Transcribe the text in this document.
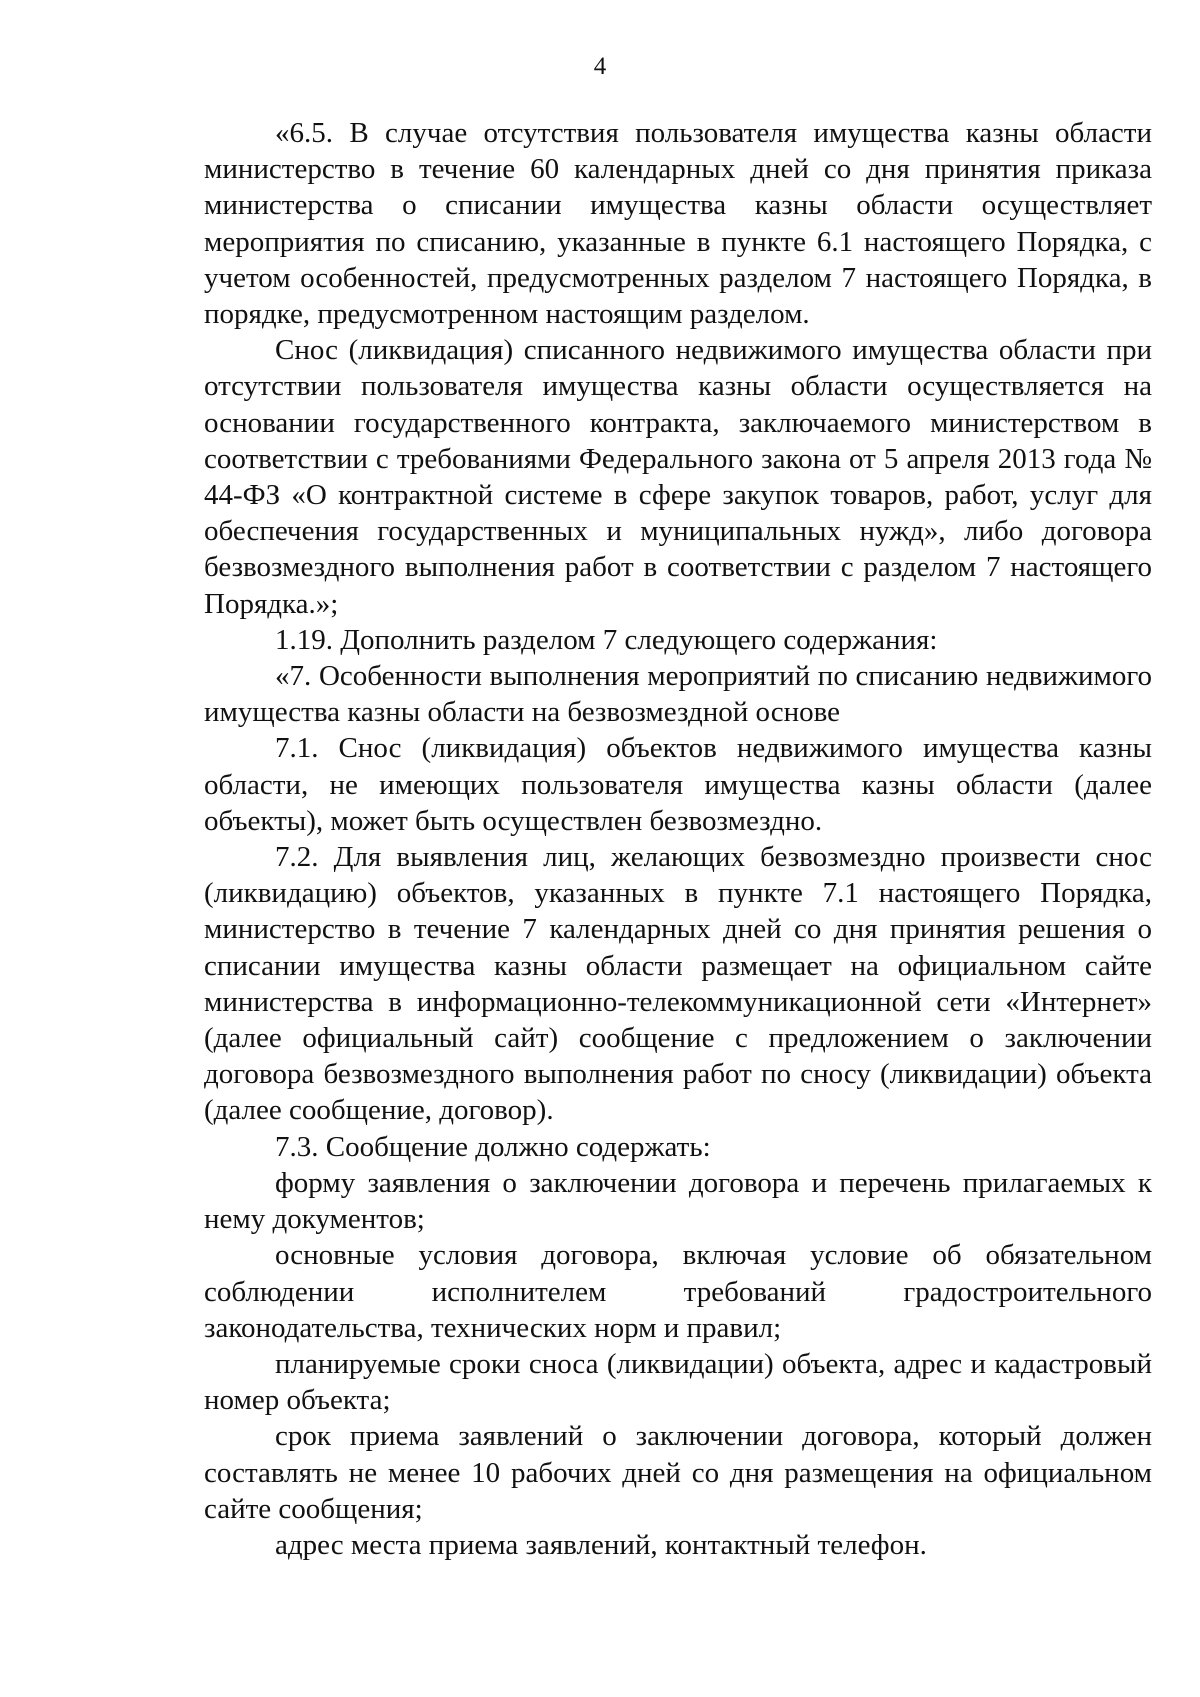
4

«6.5. В случае отсутствия пользователя имущества казны области министерство в течение 60 календарных дней со дня принятия приказа министерства о списании имущества казны области осуществляет мероприятия по списанию, указанные в пункте 6.1 настоящего Порядка, с учетом особенностей, предусмотренных разделом 7 настоящего Порядка, в порядке, предусмотренном настоящим разделом.

Снос (ликвидация) списанного недвижимого имущества области при отсутствии пользователя имущества казны области осуществляется на основании государственного контракта, заключаемого министерством в соответствии с требованиями Федерального закона от 5 апреля 2013 года № 44-ФЗ «О контрактной системе в сфере закупок товаров, работ, услуг для обеспечения государственных и муниципальных нужд», либо договора безвозмездного выполнения работ в соответствии с разделом 7 настоящего Порядка.»;

1.19. Дополнить разделом 7 следующего содержания:

«7. Особенности выполнения мероприятий по списанию недвижимого имущества казны области на безвозмездной основе

7.1. Снос (ликвидация) объектов недвижимого имущества казны области, не имеющих пользователя имущества казны области (далее объекты), может быть осуществлен безвозмездно.

7.2. Для выявления лиц, желающих безвозмездно произвести снос (ликвидацию) объектов, указанных в пункте 7.1 настоящего Порядка, министерство в течение 7 календарных дней со дня принятия решения о списании имущества казны области размещает на официальном сайте министерства в информационно-телекоммуникационной сети «Интернет» (далее официальный сайт) сообщение с предложением о заключении договора безвозмездного выполнения работ по сносу (ликвидации) объекта (далее сообщение, договор).

7.3. Сообщение должно содержать:

форму заявления о заключении договора и перечень прилагаемых к нему документов;

основные условия договора, включая условие об обязательном соблюдении исполнителем требований градостроительного законодательства, технических норм и правил;

планируемые сроки сноса (ликвидации) объекта, адрес и кадастровый номер объекта;

срок приема заявлений о заключении договора, который должен составлять не менее 10 рабочих дней со дня размещения на официальном сайте сообщения;

адрес места приема заявлений, контактный телефон.
